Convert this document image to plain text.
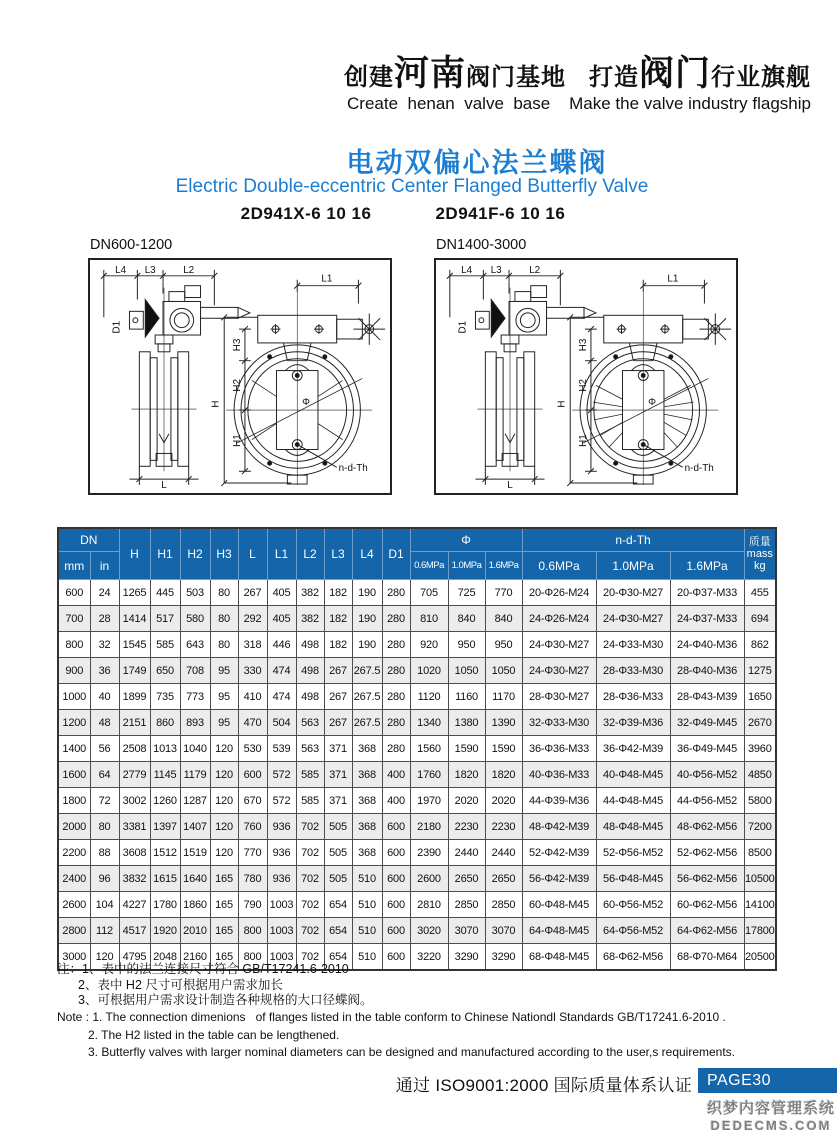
创建河南阀门基地   打造阀门行业旗舰
Create  henan  valve  base    Make the valve industry flagship
电动双偏心法兰蝶阀
Electric Double-eccentric Center Flanged Butterfly Valve
2D941X-6 10 16	2D941F-6 10 16
DN600-1200
L4 L3	L2
D1
L
L1
H
H3
H2
H1
Φ
n-d-Th
DN1400-3000
L4 L3	L2
D1
L
L1
H
H3
H2
H1
Φ
n-d-Th
DN		H	H1	H2	H3	L	L1	L2	L3	L4	D1	Φ			n-d-Th			质量
mass
kg

mm	in											0.6MPa	1.0MPa	1.6MPa	0.6MPa	1.0MPa	1.6MPa	
600	24	1265	445	503	80	267	405	382	182	190	280	705	725	770	20-Φ26-M24	20-Φ30-M27	20-Φ37-M33	455
700	28	1414	517	580	80	292	405	382	182	190	280	810	840	840	24-Φ26-M24	24-Φ30-M27	24-Φ37-M33	694
800	32	1545	585	643	80	318	446	498	182	190	280	920	950	950	24-Φ30-M27	24-Φ33-M30	24-Φ40-M36	862
900	36	1749	650	708	95	330	474	498	267	267.5	280	1020	1050	1050	24-Φ30-M27	28-Φ33-M30	28-Φ40-M36	1275
1000	40	1899	735	773	95	410	474	498	267	267.5	280	1120	1160	1170	28-Φ30-M27	28-Φ36-M33	28-Φ43-M39	1650
1200	48	2151	860	893	95	470	504	563	267	267.5	280	1340	1380	1390	32-Φ33-M30	32-Φ39-M36	32-Φ49-M45	2670
1400	56	2508	1013	1040	120	530	539	563	371	368	280	1560	1590	1590	36-Φ36-M33	36-Φ42-M39	36-Φ49-M45	3960
1600	64	2779	1145	1179	120	600	572	585	371	368	400	1760	1820	1820	40-Φ36-M33	40-Φ48-M45	40-Φ56-M52	4850
1800	72	3002	1260	1287	120	670	572	585	371	368	400	1970	2020	2020	44-Φ39-M36	44-Φ48-M45	44-Φ56-M52	5800
2000	80	3381	1397	1407	120	760	936	702	505	368	600	2180	2230	2230	48-Φ42-M39	48-Φ48-M45	48-Φ62-M56	7200
2200	88	3608	1512	1519	120	770	936	702	505	368	600	2390	2440	2440	52-Φ42-M39	52-Φ56-M52	52-Φ62-M56	8500
2400	96	3832	1615	1640	165	780	936	702	505	510	600	2600	2650	2650	56-Φ42-M39	56-Φ48-M45	56-Φ62-M56	10500
2600	104	4227	1780	1860	165	790	1003	702	654	510	600	2810	2850	2850	60-Φ48-M45	60-Φ56-M52	60-Φ62-M56	14100
2800	112	4517	1920	2010	165	800	1003	702	654	510	600	3020	3070	3070	64-Φ48-M45	64-Φ56-M52	64-Φ62-M56	17800
3000	120	4795	2048	2160	165	800	1003	702	654	510	600	3220	3290	3290	68-Φ48-M45	68-Φ62-M56	68-Φ70-M64	20500
注：1、表中的法兰连接尺寸符合 GB/T17241.6-2010
2、表中 H2 尺寸可根据用户需求加长
3、可根据用户需求设计制造各种规格的大口径蝶阀。
Note : 1. The connection dimenions   of flanges listed in the table conform to Chinese Nationdl Standards GB/T17241.6-2010 .
2. The H2 listed in the table can be lengthened.
3. Butterfly valves with larger nominal diameters can be designed and manufactured according to the user,s requirements.
通过 ISO9001:2000 国际质量体系认证 PAGE30
织梦内容管理系统
DEDECMS.COM
